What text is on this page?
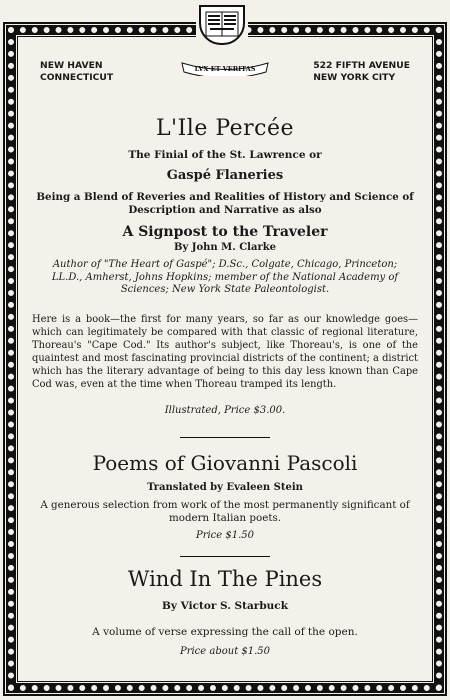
LVX ET VERITAS
NEW HAVEN
CONNECTICUT
522 FIFTH AVENUE
NEW YORK CITY
L'Ile Percée
The Finial of the St. Lawrence or
Gaspé Flaneries
Being a Blend of Reveries and Realities of History and Science of Description and Narrative as also
A Signpost to the Traveler
By John M. Clarke
Author of "The Heart of Gaspé"; D.Sc., Colgate, Chicago, Princeton; LL.D., Amherst, Johns Hopkins; member of the National Academy of Sciences; New York State Paleontologist.
Here is a book—the first for many years, so far as our knowledge goes—which can legitimately be compared with that classic of regional literature, Thoreau's "Cape Cod." Its author's subject, like Thoreau's, is one of the quaintest and most fascinating provincial districts of the continent; a district which has the literary advantage of being to this day less known than Cape Cod was, even at the time when Thoreau tramped its length.
Illustrated, Price $3.00.
Poems of Giovanni Pascoli
Translated by Evaleen Stein
A generous selection from work of the most permanently significant of modern Italian poets.
Price $1.50
Wind In The Pines
By Victor S. Starbuck
A volume of verse expressing the call of the open.
Price about $1.50
